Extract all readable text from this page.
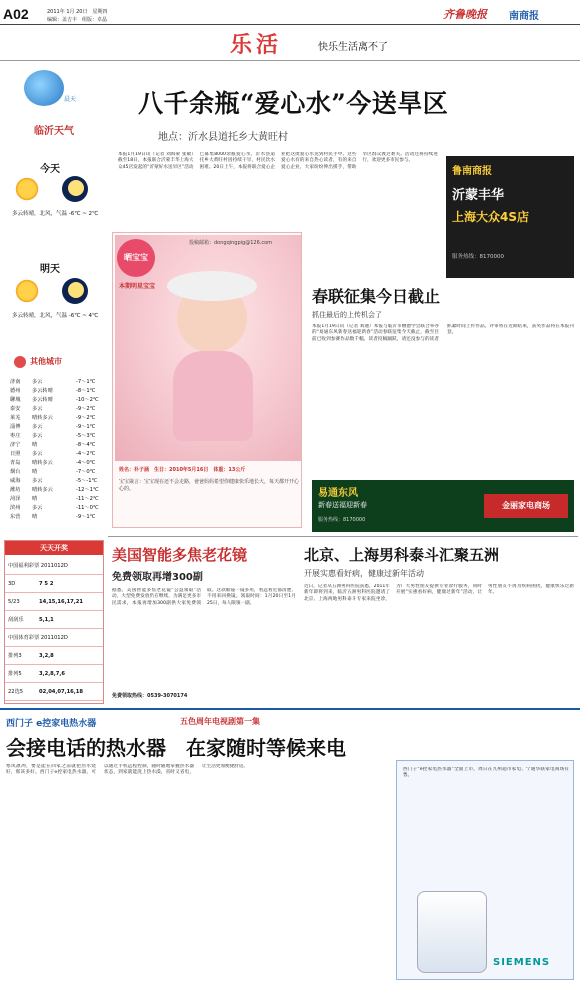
A02	2011年 1月 20日　星期四
编辑：盖吉丰　组版：卓晶	齐鲁晚报 南商报
乐活	快乐生活离不了
晨天
临沂天气
今天
多云转晴，北风，气温 -6℃ ~ 2℃
明天
多云转晴，北风，气温 -6℃ ~ 4℃
其他城市
济南 多云	-7～1℃
德州 多云转晴	-8～1℃
聊城 多云转晴	-10～2℃
泰安 多云	-9～2℃
莱芜 晴转多云	-9～2℃
淄博 多云	-9～1℃
枣庄 多云	-5～3℃
济宁 晴	-8～4℃
日照 多云	-4～2℃
青岛 晴转多云	-4～0℃
烟台 晴	-7～0℃
威海 多云	-5～-1℃
潍坊 晴转多云	-12～1℃
菏泽 晴	-11～2℃
滨州 多云	-11～0℃
东营 晴	-9～1℃
天天开奖
中国福利彩票 2011012D
3D	7 5 2
5/23	14,15,16,17,21
刮刮乐	5,1,1
中国体育彩票 2011012D
排列3	3,2,8
排列5	3,2,8,7,6
22选5	02,04,07,16,18
八千余瓶“爱心水”今送旱区
地点：沂水县道托乡大黄旺村
本报1月19日讯（记者 刘海蒙 张敏）截至18日，本报联合沂蒙丰华上海大众45店发起的“沂蒙好水送旱区”活动已募集8000余瓶爱心水，沂水县道托乡大黄旺村因持续干旱，村民饮水困难。20日上午，本报将联合爱心企业把这批爱心水送到村民手中。这些爱心水有的来自热心读者，有的来自爱心企业，大家纷纷伸出援手，帮助旱区群众渡过难关。活动还将持续进行，欢迎更多市民参与。
鲁南商报
沂蒙丰华
上海大众4S店
服务热线：8170000
晒宝宝
本期明星宝宝
投稿邮箱：dongqingpig@126.com
姓名：朴子涵　生日：2010年5月16日　体重：13公斤
宝宝箴言：宝宝现在还不会走路，爸爸妈妈希望你健康快乐地长大，每天都开开心心的。
春联征集今日截止
抓住最后的上传机会了
本报1月19日讯（记者 刘通）本报与临沂市檀德学会联合举办的“易通东风新春送福迎新春”活动春联征集今天截止，截至目前已收到参赛作品数千幅，读者投稿踊跃，请还没参与的读者抓紧时间上传作品。评审将在近期结束，获奖作品将在本报刊登。
易通东风
新春送福迎新春
服务热线：8170000
金丽家电商场
美国智能多焦老花镜
免费领取再增300副
据悉，美国智能多焦老花镜“公益领取”活动，大型免费发放仍在继续，为满足更多市民需求，本报再增加300副供大家免费领取。这款眼镜一镜多用，看远看近都清楚，不用来回换镜。领取时间：1月20日至1月25日，每人限领一副。
免费领取热线：0539-3070174
北京、上海男科泰斗汇聚五洲
开展实惠看好病，健康过新年活动
近日，记者从五洲男科医院获悉，2011年新年即将到来，临沂五洲男科医院邀请了北京、上海两地男科泰斗专家来院坐诊，为广大男性朋友提供专业诊疗服务，同时开展“实惠看好病，健康过新年”活动，让男性朋友不再为疾病困扰，健康快乐过新年。
西门子 e控家电热水器	五色周年电视剧第一集
会接电话的热水器　在家随时等候来电
寒风凛冽，要是能在回家之前就把热水烧好，那该多好。西门子e控家电热水器，可以通过手机远程控制，随时随地掌握热水器状态，到家就能洗上热水澡，省时又省电，让生活更加便捷舒适。
西门子“e控家电热水器”全面上市，周日在九州超市家电、宁通华联家电商场有售。
SIEMENS
